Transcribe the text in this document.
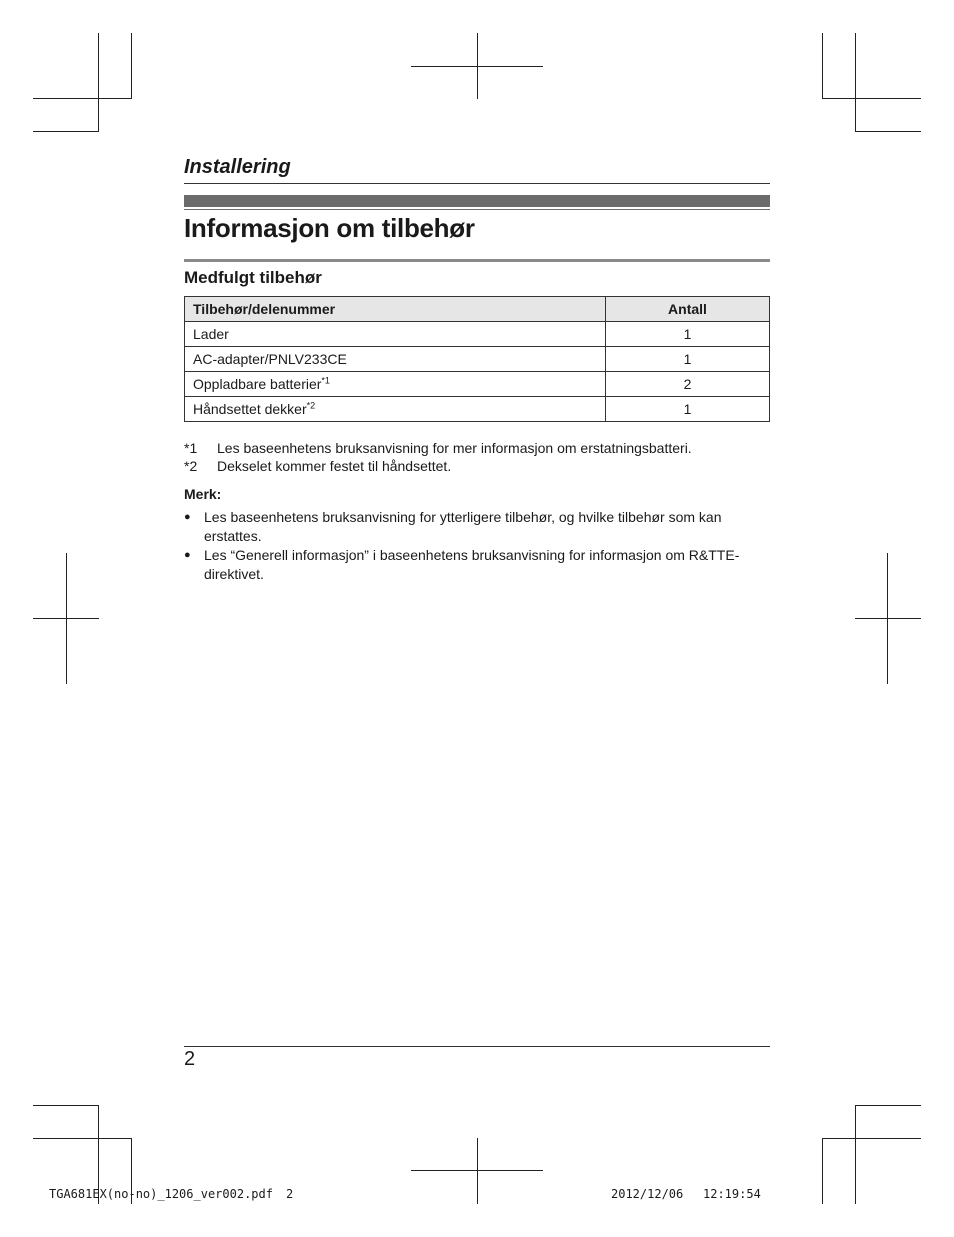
Installering
Informasjon om tilbehør
Medfulgt tilbehør
Tilbehør/delenummer	Antall
Lader	1
AC-adapter/PNLV233CE	1
Oppladbare batterier$^{*1}$	2
Håndsettet dekker$^{*2}$	1
*1	Les baseenhetens bruksanvisning for mer informasjon om erstatningsbatteri.
*2	Dekselet kommer festet til håndsettet.
Merk:
● Les baseenhetens bruksanvisning for ytterligere tilbehør, og hvilke tilbehør som kan erstattes.
● Les “Generell informasjon” i baseenhetens bruksanvisning for informasjon om R&TTE-direktivet.
2
TGA681EX(no-no)_1206_ver002.pdf 2	2012/12/06 12:19:54
